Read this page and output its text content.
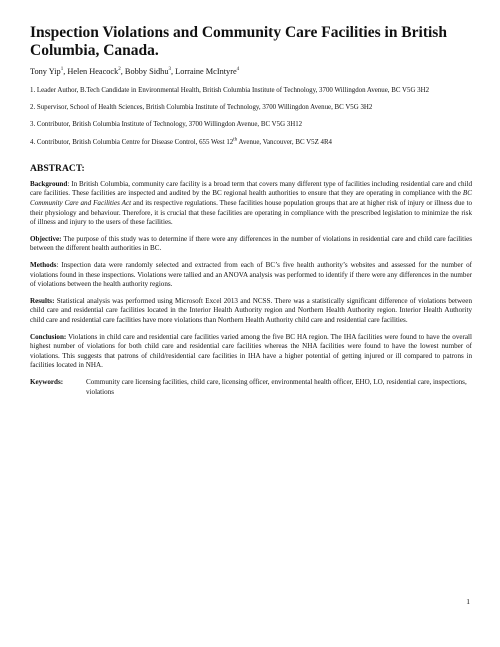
Inspection Violations and Community Care Facilities in British Columbia, Canada.
Tony Yip$^1$, Helen Heacock$^2$, Bobby Sidhu$^3$, Lorraine McIntyre$^4$

1. Leader Author, B.Tech Candidate in Environmental Health, British Columbia Institute of Technology, 3700 Willingdon Avenue, BC V5G 3H2

2. Supervisor, School of Health Sciences, British Columbia Institute of Technology, 3700 Willingdon Avenue, BC V5G 3H2

3. Contributor, British Columbia Institute of Technology, 3700 Willingdon Avenue, BC V5G 3H12

4. Contributor, British Columbia Centre for Disease Control, 655 West 12th Avenue, Vancouver, BC V5Z 4R4

ABSTRACT:

Background: In British Columbia, community care facility is a broad term that covers many different type of facilities including residential care and child care facilities. These facilities are inspected and audited by the BC regional health authorities to ensure that they are operating in compliance with the BC Community Care and Facilities Act and its respective regulations. These facilities house population groups that are at higher risk of injury or illness due to their physiology and behaviour. Therefore, it is crucial that these facilities are operating in compliance with the prescribed legislation to minimize the risk of illness and injury to the users of these facilities.

Objective: The purpose of this study was to determine if there were any differences in the number of violations in residential care and child care facilities between the different health authorities in BC.

Methods: Inspection data were randomly selected and extracted from each of BC’s five health authority’s websites and assessed for the number of violations found in these inspections. Violations were tallied and an ANOVA analysis was performed to identify if there were any differences in the number of violations between the health authority regions.

Results: Statistical analysis was performed using Microsoft Excel 2013 and NCSS. There was a statistically significant difference of violations between child care and residential care facilities located in the Interior Health Authority region and Northern Health Authority region. Interior Health Authority child care and residential care facilities have more violations than Northern Health Authority child care and residential care facilities.

Conclusion: Violations in child care and residential care facilities varied among the five BC HA region. The IHA facilities were found to have the overall highest number of violations for both child care and residential care facilities whereas the NHA facilities were found to have the lowest number of violations. This suggests that patrons of child/residential care facilities in IHA have a higher potential of getting injured or ill compared to patrons in facilities located in NHA.

Keywords:	Community care licensing facilities, child care, licensing officer, environmental health officer, EHO, LO, residential care, inspections, violations
1
